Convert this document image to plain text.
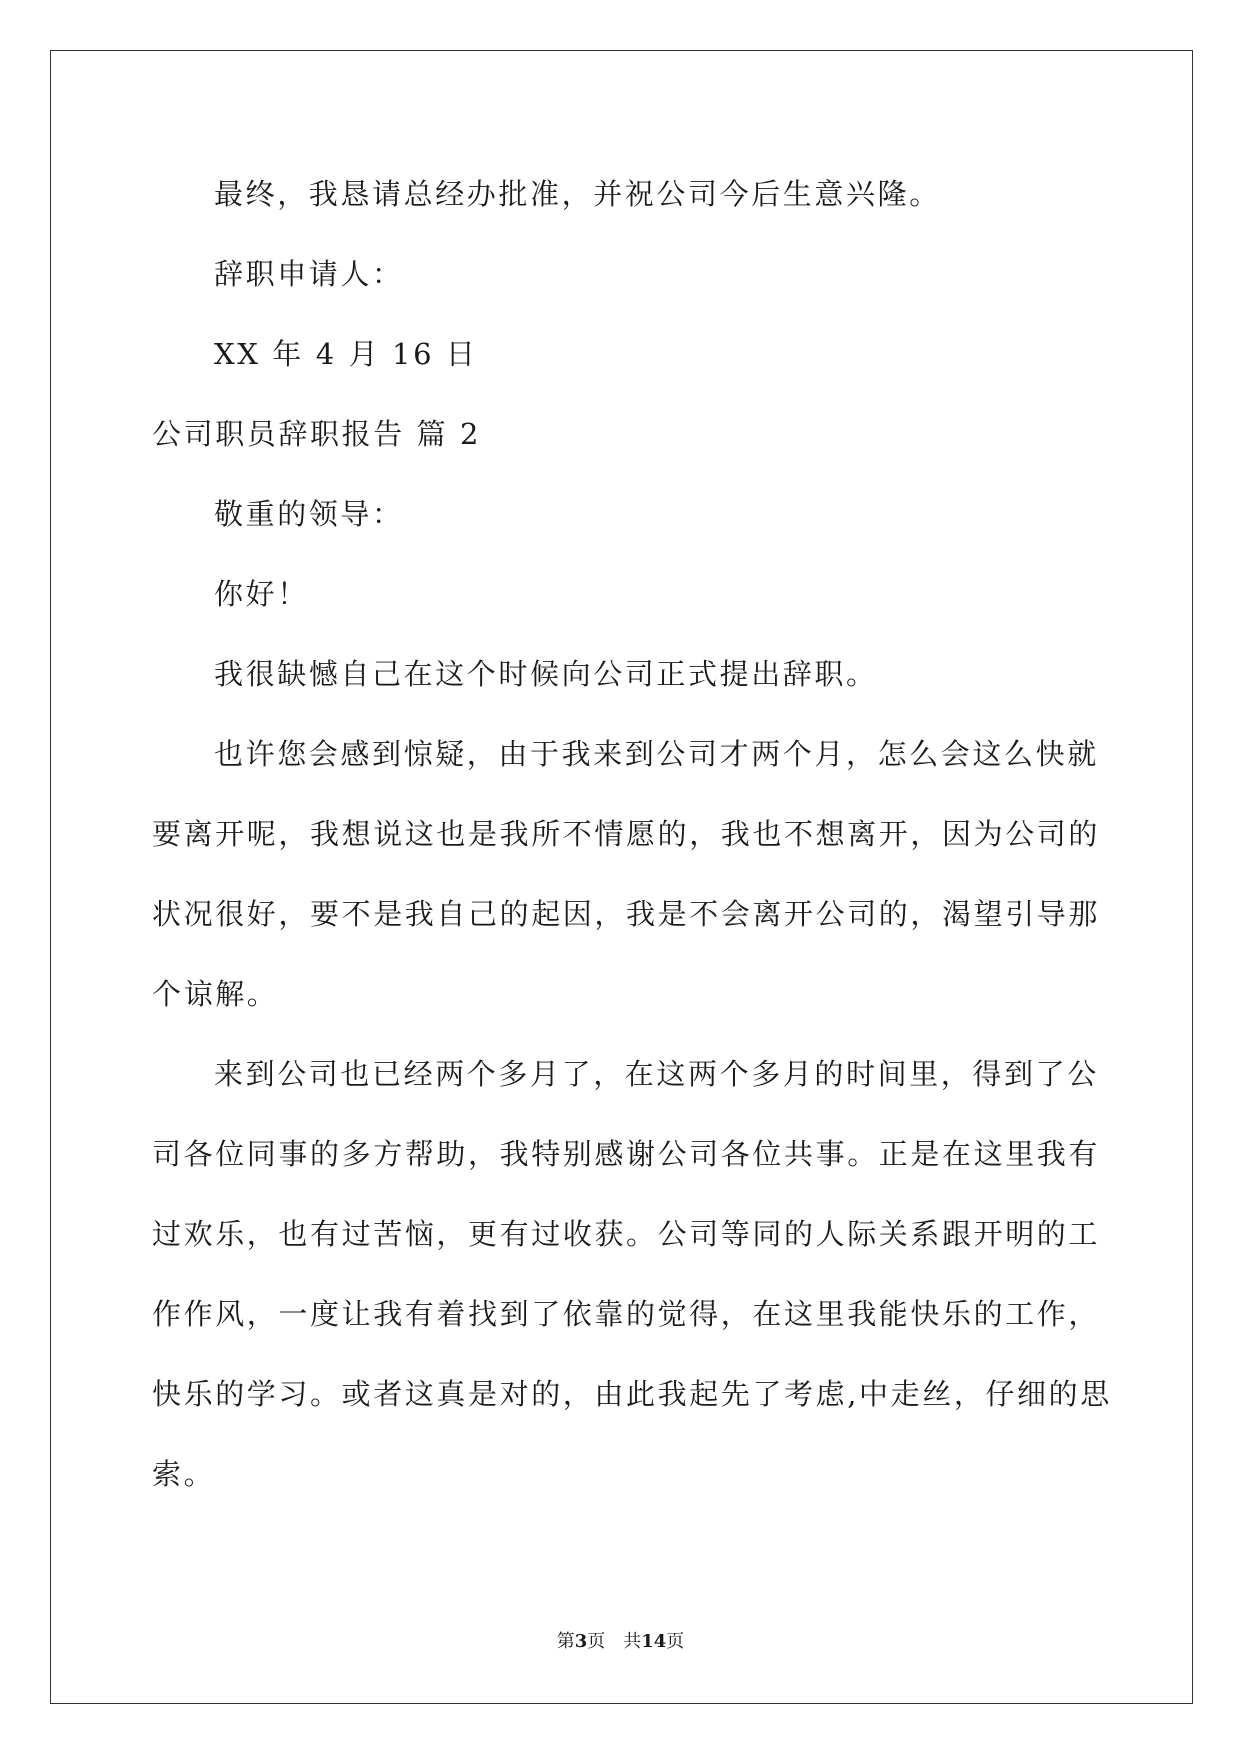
最终，我恳请总经办批准，并祝公司今后生意兴隆。
辞职申请人：
XX 年 4 月 16 日
公司职员辞职报告 篇 2
敬重的领导：
你好！
我很缺憾自己在这个时候向公司正式提出辞职。
也许您会感到惊疑，由于我来到公司才两个月，怎么会这么快就
要离开呢，我想说这也是我所不情愿的，我也不想离开，因为公司的
状况很好，要不是我自己的起因，我是不会离开公司的，渴望引导那
个谅解。
来到公司也已经两个多月了，在这两个多月的时间里，得到了公
司各位同事的多方帮助，我特别感谢公司各位共事。正是在这里我有
过欢乐，也有过苦恼，更有过收获。公司等同的人际关系跟开明的工
作作风，一度让我有着找到了依靠的觉得，在这里我能快乐的工作，
快乐的学习。或者这真是对的，由此我起先了考虑,中走丝，仔细的思
索。
第3页　共14页
